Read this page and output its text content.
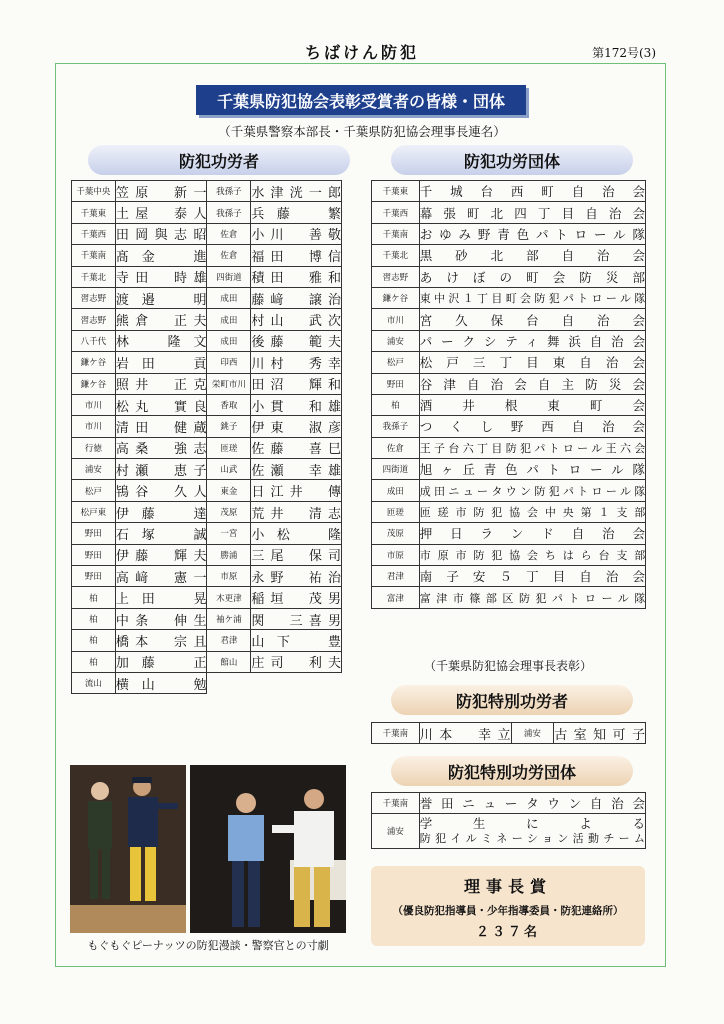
ちばけん防犯	第172号(3)
千葉県防犯協会表彰受賞者の皆様・団体
（千葉県警察本部長・千葉県防犯協会理事長連名）
防犯功労者	防犯功労団体
千葉中央	笠原　新一	我孫子	水津洸一郎
千葉東	土屋　泰人	我孫子	兵藤　繁
千葉西	田岡與志昭	佐倉	小川　善敬
千葉南	髙金　進	佐倉	福田　博信
千葉北	寺田　時雄	四街道	積田　雅和
習志野	渡邉　明	成田	藤﨑　譲治
習志野	熊倉　正夫	成田	村山　武次
八千代	林　隆文	成田	後藤　範夫
鎌ケ谷	岩田　貢	印西	川村　秀幸
鎌ケ谷	照井　正克	栄町市川	田沼　輝和
市川	松丸　實良	香取	小貫　和雄
市川	清田　健蔵	銚子	伊東　淑彦
行徳	高桑　強志	匝瑳	佐藤　喜巳
浦安	村瀬　恵子	山武	佐瀬　幸雄
松戸	鴇谷　久人	東金	日江井　傳
松戸東	伊藤　達	茂原	荒井　清志
野田	石塚　誠	一宮	小松　隆
野田	伊藤　輝夫	勝浦	三尾　保司
野田	高﨑　憲一	市原	永野　祐治
柏	上田　晃	木更津	稲垣　茂男
柏	中条　伸生	袖ケ浦	関　三喜男
柏	橋本　宗且	君津	山下　豊
柏	加藤　正	館山	庄司　利夫
流山	横山　勉		
千葉東	千城台西町自治会
千葉西	幕張町北四丁目自治会
千葉南	おゆみ野青色パトロール隊
千葉北	黒砂北部自治会
習志野	あけぼの町会防災部
鎌ケ谷	東中沢１丁目町会防犯パトロール隊
市川	宮久保台自治会
浦安	パークシティ舞浜自治会
松戸	松戸三丁目東自治会
野田	谷津自治会自主防災会
柏	酒井根東町会
我孫子	つくし野西自治会
佐倉	王子台六丁目防犯パトロール王六会
四街道	旭ヶ丘青色パトロール隊
成田	成田ニュータウン防犯パトロール隊
匝瑳	匝瑳市防犯協会中央第１支部
茂原	押日ランド自治会
市原	市原市防犯協会ちはら台支部
君津	南子安５丁目自治会
富津	富津市篠部区防犯パトロール隊
（千葉県防犯協会理事長表彰）
防犯特別功労者
千葉南	川本　幸立	浦安	古室知可子
防犯特別功労団体
千葉南	誉田ニュータウン自治会
浦安	学生による
防犯イルミネーション活動チーム
理事長賞
（優良防犯指導員・少年指導委員・防犯連絡所）
２３７名
もぐもぐピーナッツの防犯漫談・警察官との寸劇
